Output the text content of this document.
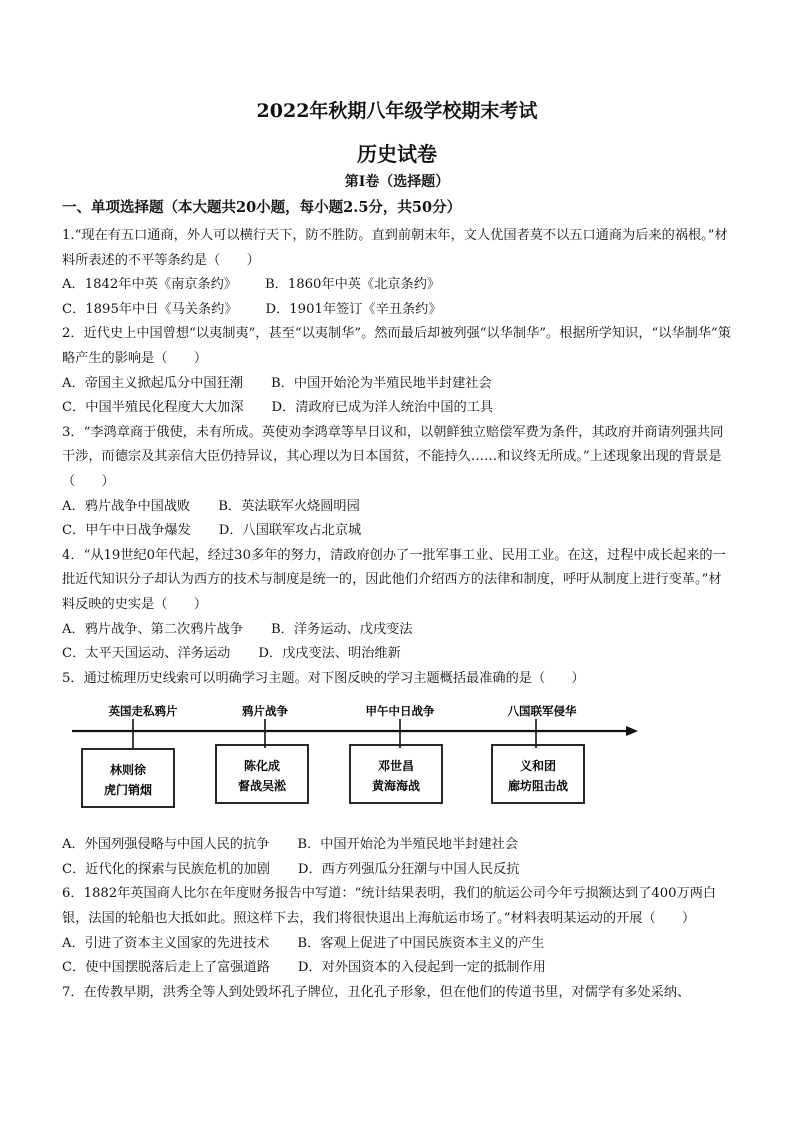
2022年秋期八年级学校期末考试
历史试卷
第Ⅰ卷（选择题）
一、单项选择题（本大题共20小题，每小题2.5分，共50分）

1.“现在有五口通商，外人可以横行天下，防不胜防。直到前朝末年，文人优国者莫不以五口通商为后来的祸根。”材料所表述的不平等条约是（　　）

A．1842年中英《南京条约》 B．1860年中英《北京条约》
C．1895年中日《马关条约》 D．1901年签订《辛丑条约》

2．近代史上中国曾想“以夷制夷”，甚至“以夷制华”。然而最后却被列强“以华制华”。根据所学知识，“以华制华”策略产生的影响是（　　）

A．帝国主义掀起瓜分中国狂潮 B．中国开始沦为半殖民地半封建社会
C．中国半殖民化程度大大加深 D．清政府已成为洋人统治中国的工具

3．“李鸿章商于俄使，未有所成。英使劝李鸿章等早日议和，以朝鲜独立赔偿军费为条件，其政府并商请列强共同干涉，而德宗及其亲信大臣仍持异议，其心理以为日本国贫，不能持久……和议终无所成。”上述现象出现的背景是（　　）

A．鸦片战争中国战败 B．英法联军火烧圆明园
C．甲午中日战争爆发 D．八国联军攻占北京城

4．“从19世纪0年代起，经过30多年的努力，清政府创办了一批军事工业、民用工业。在这，过程中成长起来的一批近代知识分子却认为西方的技术与制度是统一的，因此他们介绍西方的法律和制度，呼吁从制度上进行变革。”材料反映的史实是（　　）

A．鸦片战争、第二次鸦片战争 B．洋务运动、戊戌变法
C．太平天国运动、洋务运动 D．戊戌变法、明治维新

5．通过梳理历史线索可以明确学习主题。对下图反映的学习主题概括最准确的是（　　）

英国走私鸦片	鸦片战争	甲午中日战争	八国联军侵华
林则徐
虎门销烟
陈化成
督战吴淞
邓世昌
黄海海战
义和团
廊坊阻击战
A．外国列强侵略与中国人民的抗争 B．中国开始沦为半殖民地半封建社会
C．近代化的探索与民族危机的加剧 D．西方列强瓜分狂潮与中国人民反抗

6．1882年英国商人比尔在年度财务报告中写道：“统计结果表明，我们的航运公司今年亏损额达到了400万两白银，法国的轮船也大抵如此。照这样下去，我们将很快退出上海航运市场了。”材料表明某运动的开展（　　）

A．引进了资本主义国家的先进技术 B．客观上促进了中国民族资本主义的产生
C．使中国摆脱落后走上了富强道路 D．对外国资本的入侵起到一定的抵制作用

7．在传教早期，洪秀全等人到处毁坏孔子牌位，丑化孔子形象，但在他们的传道书里，对儒学有多处采纳、
